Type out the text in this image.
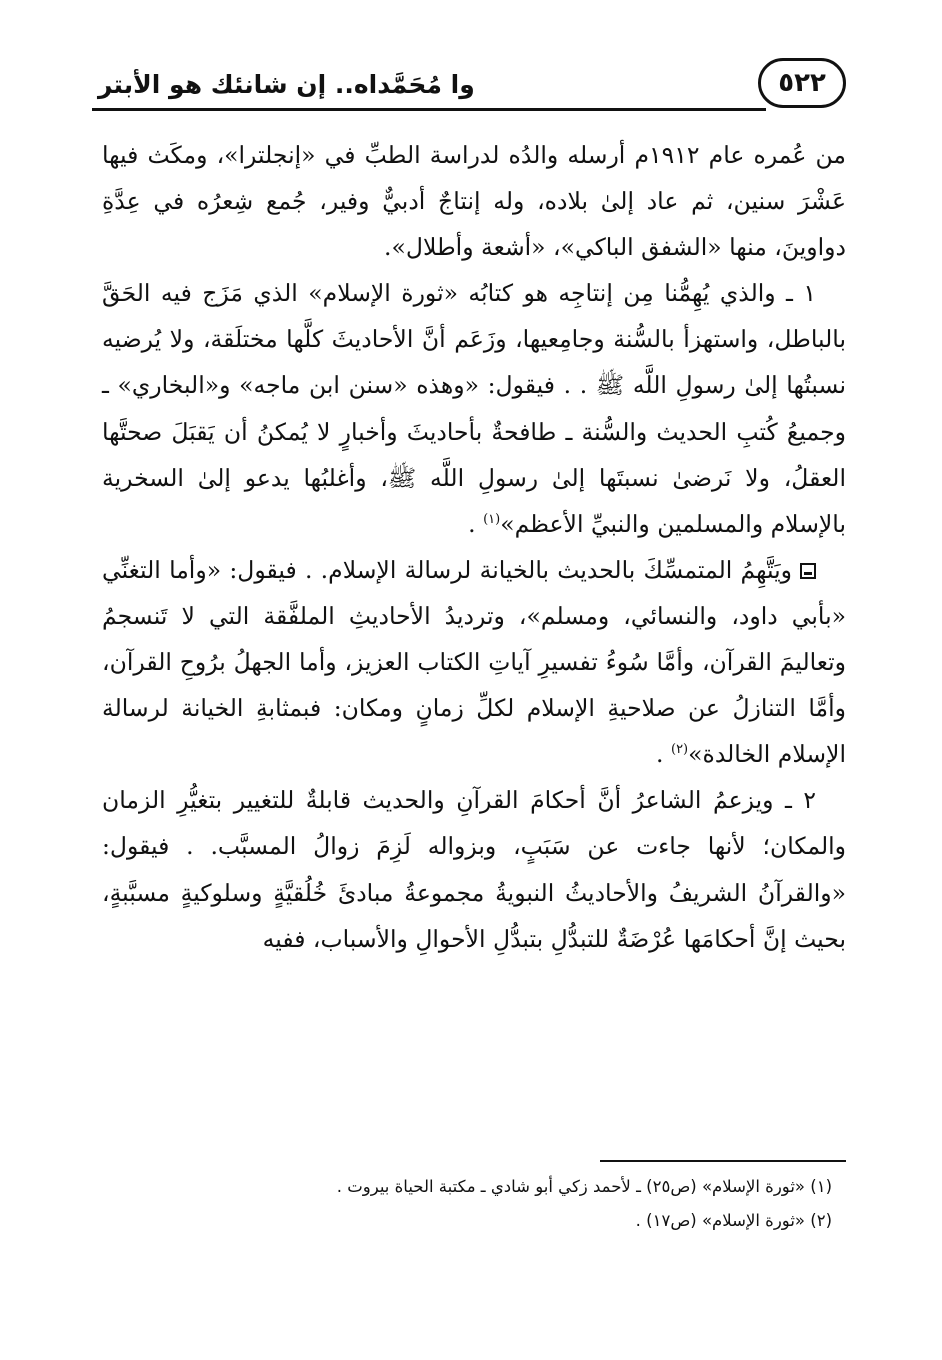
٥٢٢
وا مُحَمَّداه.. إن شانئك هو الأبتر

من عُمره عام ١٩١٢م أرسله والدُه لدراسة الطبِّ في «إنجلترا»، ومكَث فيها عَشْرَ سنين، ثم عاد إلىٰ بلاده، وله إنتاجٌ أدبيٌّ وفير، جُمع شِعرُه في عِدَّةِ دواوينَ، منها «الشفق الباكي»، «أشعة وأطلال».

١ ـ والذي يُهِمُّنا مِن إنتاجِه هو كتابُه «ثورة الإسلام» الذي مَزَج فيه الحَقَّ بالباطل، واستهزأ بالسُّنة وجامِعيها، وزَعَم أنَّ الأحاديثَ كلَّها مختلَقة، ولا يُرضيه نسبتُها إلىٰ رسولِ اللَّه ﷺ . . فيقول: «وهذه «سنن ابن ماجه» و«البخاري» ـ وجميعُ كُتبِ الحديث والسُّنة ـ طافحةٌ بأحاديثَ وأخبارٍ لا يُمكنُ أن يَقبَلَ صحتَّها العقلُ، ولا نَرضىٰ نسبتَها إلىٰ رسولِ اللَّه ﷺ، وأغلبُها يدعو إلىٰ السخرية بالإسلام والمسلمين والنبيِّ الأعظم»$^{(١)}$ .

ويَتَّهِمُ المتمسِّكَ بالحديث بالخيانة لرسالة الإسلام. . فيقول: «وأما التغنِّي «بأبي داود، والنسائي، ومسلم»، وترديدُ الأحاديثِ الملفَّقة التي لا تَنسجمُ وتعاليمَ القرآن، وأمَّا سُوءُ تفسيرِ آياتِ الكتاب العزيز، وأما الجهلُ برُوحِ القرآن، وأمَّا التنازلُ عن صلاحيةِ الإسلام لكلِّ زمانٍ ومكان: فبمثابةِ الخيانة لرسالة الإسلام الخالدة»$^{(٢)}$ .

٢ ـ ويزعمُ الشاعرُ أنَّ أحكامَ القرآنِ والحديث قابلةٌ للتغيير بتغيُّرِ الزمان والمكان؛ لأنها جاءت عن سَبَبٍ، وبزواله لَزِمَ زوالُ المسبَّب. . فيقول: «والقرآنُ الشريفُ والأحاديثُ النبويةُ مجموعةُ مبادئَ خُلُقيَّةٍ وسلوكيةٍ مسبَّبةٍ، بحيث إنَّ أحكامَها عُرْضَةٌ للتبدُّلِ بتبدُّلِ الأحوالِ والأسباب، ففيه

(١) «ثورة الإسلام» (ص٢٥) ـ لأحمد زكي أبو شادي ـ مكتبة الحياة بيروت .
(٢) «ثورة الإسلام» (ص١٧) .
